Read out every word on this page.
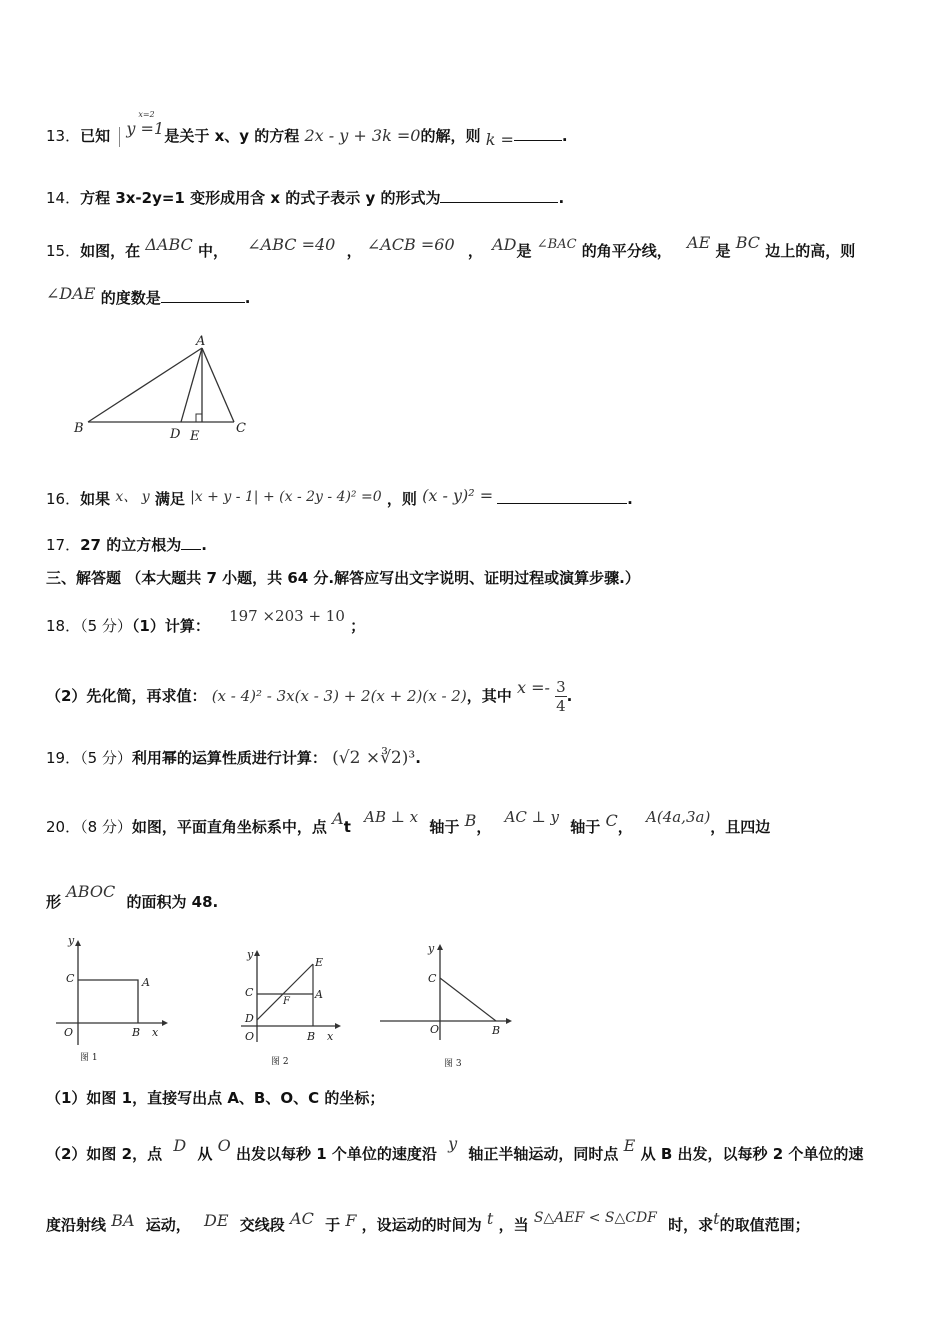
13．已知
x=2
y =1 是关于 x、y 的方程 2x - y + 3k =0的解，则 k =	.
14．方程 3x-2y=1 变形成用含 x 的式子表示 y 的形式为	.
15．如图，在 ΔABC 中， ∠ABC =40 ， ∠ACB =60 ， AD是 ∠BAC 的角平分线， AE 是 BC 边上的高，则
∠DAE 的度数是	.
A
B	C
D E
16．如果 x、 y 满足 |x + y - 1| + (x - 2y - 4)² =0 ，则 (x - y)² =	.
17．27 的立方根为 .
三、解答题 （本大题共 7 小题，共 64 分.解答应写出文字说明、证明过程或演算步骤.）
18．（5 分）（1）计算： 197 ×203 + 10 ；
（2）先化简，再求值： (x - 4)² - 3x(x - 3) + 2(x + 2)(x - 2)，其中 $x =- \frac{3}{4}$ .
19．（5 分）利用幂的运算性质进行计算： (√2 ×∛2)³.
20．（8 分）如图，平面直角坐标系中，点 At AB ⊥ x 轴于 B， AC ⊥ y 轴于 C， A(4a,3a)，且四边
形 ABOC 的面积为 48.
y
C	A
O	B x
图 1
y
E
C
F
A
D
O	B x
图 2
y
C
O	B
图 3
（1）如图 1，直接写出点 A、B、O、C 的坐标；
（2）如图 2，点 D 从 O 出发以每秒 1 个单位的速度沿 y 轴正半轴运动，同时点 E 从 B 出发，以每秒 2 个单位的速
度沿射线 BA 运动， DE 交线段 AC 于 F ，设运动的时间为 t ，当 S△AEF < S△CDF 时，求t的取值范围；
